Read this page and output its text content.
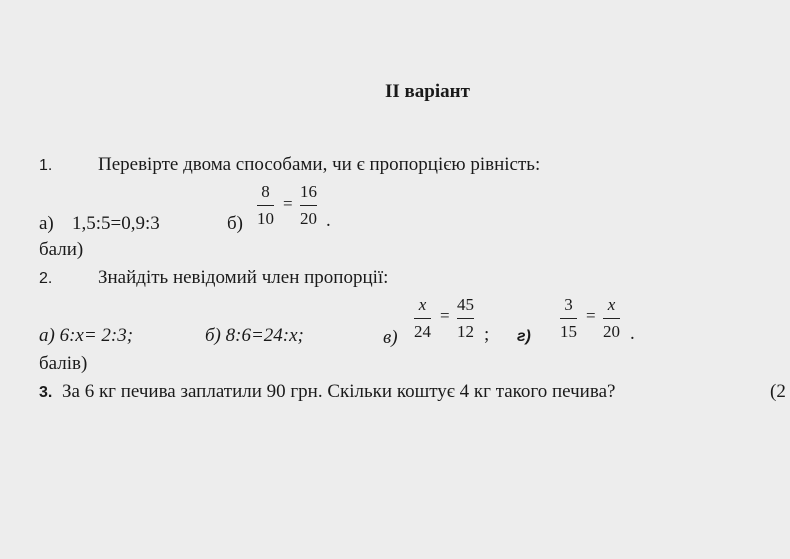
II варіант
1. Перевірте двома способами, чи є пропорцією рівність:
а) 1,5:5=0,9:3	б)
8
10
=
16
20 .
бали)
2. Знайдіть невідомий член пропорції:
а) 6:х= 2:3;	б) 8:6=24:х;	в)
x
24
=
45
12 ; г)
3
15
=
x
20 .
балів)
3. За 6 кг печива заплатили 90 грн. Скільки коштує 4 кг такого печива?	(2
